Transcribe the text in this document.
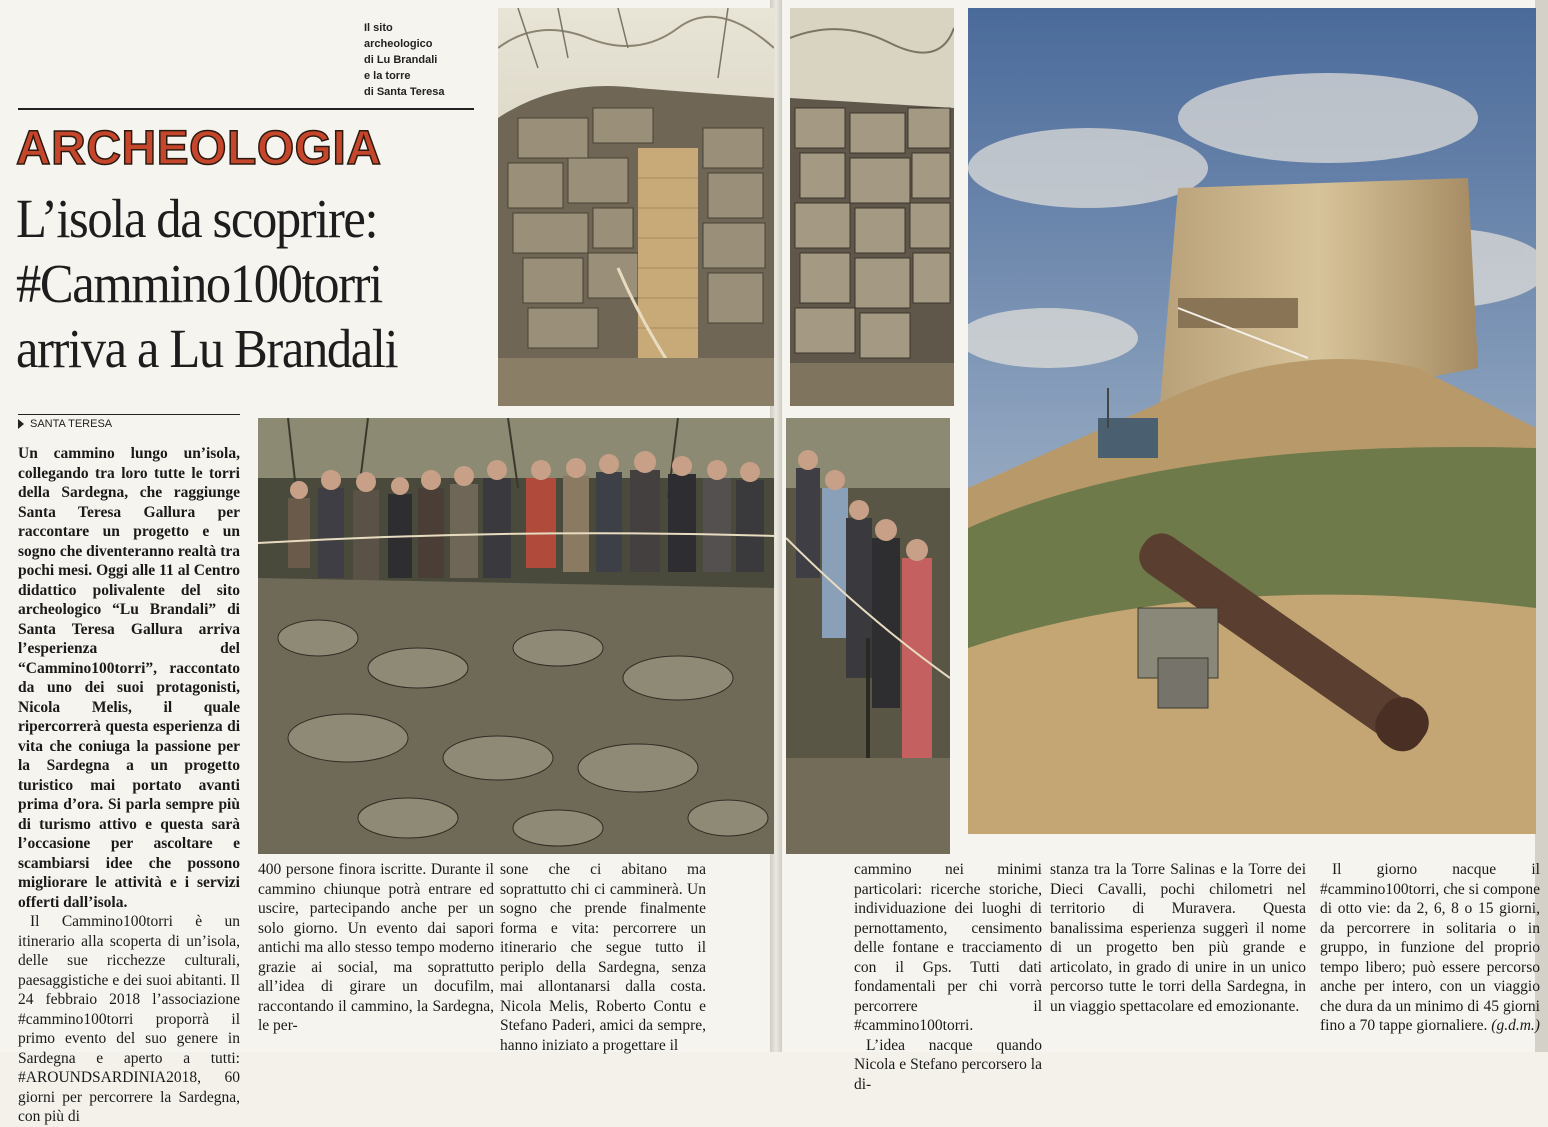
Il sito
archeologico
di Lu Brandali
e la torre
di Santa Teresa
ARCHEOLOGIA
L’isola da scoprire:
#Cammino100torri
arriva a Lu Brandali
SANTA TERESA

Un cammino lungo un’isola, collegando tra loro tutte le torri della Sardegna, che raggiunge Santa Teresa Gallura per raccontare un progetto e un sogno che diventeranno realtà tra pochi mesi. Oggi alle 11 al Centro didattico polivalente del sito archeologico “Lu Brandali” di Santa Teresa Gallura arriva l’esperienza del “Cammino100torri”, raccontato da uno dei suoi protagonisti, Nicola Melis, il quale ripercorrerà questa esperienza di vita che coniuga la passione per la Sardegna a un progetto turistico mai portato avanti prima d’ora. Si parla sempre più di turismo attivo e questa sarà l’occasione per ascoltare e scambiarsi idee che possono migliorare le attività e i servizi offerti dall’isola.

Il Cammino100torri è un itinerario alla scoperta di un’isola, delle sue ricchezze culturali, paesaggistiche e dei suoi abitanti. Il 24 febbraio 2018 l’associazione #cammino100torri proporrà il primo evento del suo genere in Sardegna e aperto a tutti: #AROUNDSARDINIA2018, 60 giorni per percorrere la Sardegna, con più di

400 persone finora iscritte. Durante il cammino chiunque potrà entrare ed uscire, partecipando anche per un solo giorno. Un evento dai sapori antichi ma allo stesso tempo moderno grazie ai social, ma soprattutto all’idea di girare un docufilm, raccontando il cammino, la Sardegna, le per-

sone che ci abitano ma soprattutto chi ci camminerà. Un sogno che prende finalmente forma e vita: percorrere un itinerario che segue tutto il periplo della Sardegna, senza mai allontanarsi dalla costa. Nicola Melis, Roberto Contu e Stefano Paderi, amici da sempre, hanno iniziato a progettare il

cammino nei minimi particolari: ricerche storiche, individuazione dei luoghi di pernottamento, censimento delle fontane e tracciamento con il Gps. Tutti dati fondamentali per chi vorrà percorrere il #cammino100torri.

L’idea nacque quando Nicola e Stefano percorsero la di-

stanza tra la Torre Salinas e la Torre dei Dieci Cavalli, pochi chilometri nel territorio di Muravera. Questa banalissima esperienza suggerì il nome di un progetto ben più grande e articolato, in grado di unire in un unico percorso tutte le torri della Sardegna, in un viaggio spettacolare ed emozionante.

Il giorno nacque il #cammino100torri, che si compone di otto vie: da 2, 6, 8 o 15 giorni, da percorrere in solitaria o in gruppo, in funzione del proprio tempo libero; può essere percorso anche per intero, con un viaggio che dura da un minimo di 45 giorni fino a 70 tappe giornaliere. (g.d.m.)
